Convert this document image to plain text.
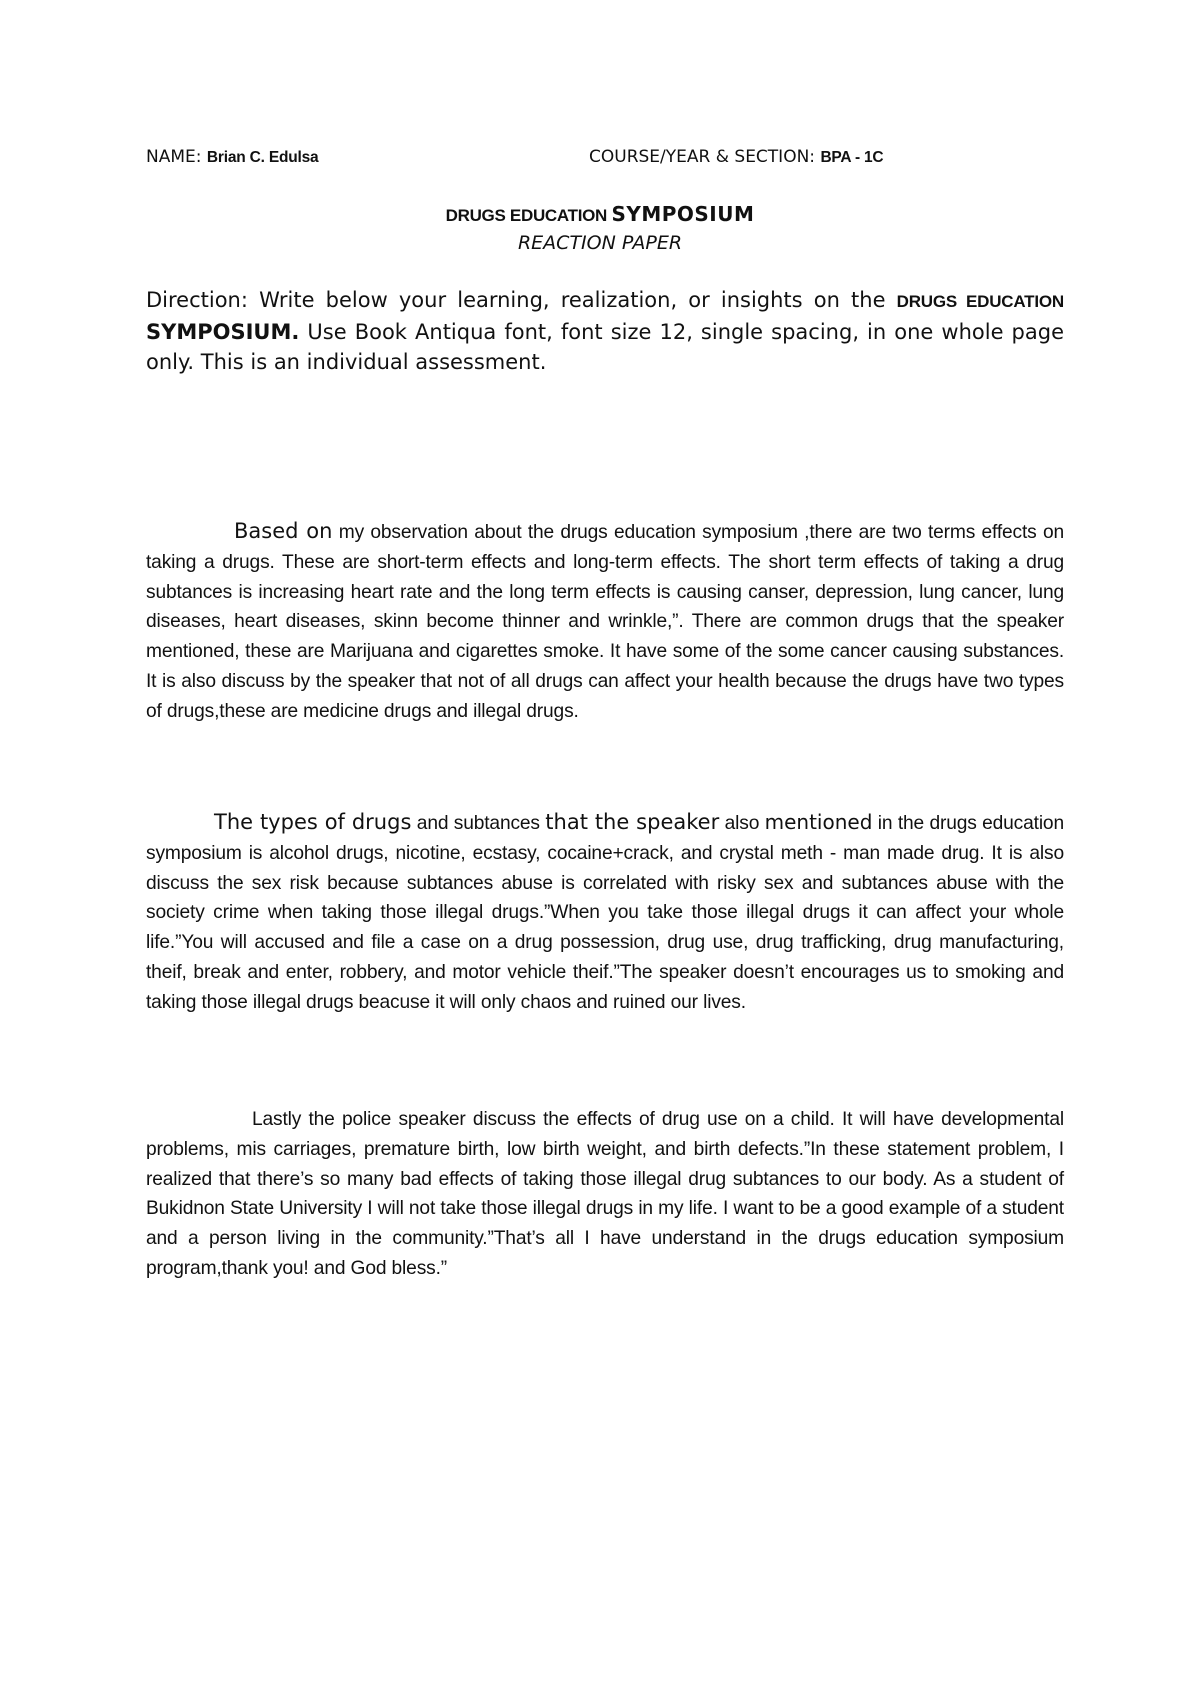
NAME: Brian C. Edulsa	COURSE/YEAR & SECTION: BPA - 1C
DRUGS EDUCATION SYMPOSIUM
REACTION PAPER
Direction: Write below your learning, realization, or insights on the DRUGS EDUCATION SYMPOSIUM. Use Book Antiqua font, font size 12, single spacing, in one whole page only. This is an individual assessment.
Based on my observation about the drugs education symposium ,there are two terms effects on taking a drugs. These are short-term effects and long-term effects. The short term effects of taking a drug subtances is increasing heart rate and the long term effects is causing canser, depression, lung cancer, lung diseases, heart diseases, skinn become thinner and wrinkle,”. There are common drugs that the speaker mentioned, these are Marijuana and cigarettes smoke. It have some of the some cancer causing substances. It is also discuss by the speaker that not of all drugs can affect your health because the drugs have two types of drugs,these are medicine drugs and illegal drugs.
The types of drugs and subtances that the speaker also mentioned in the drugs education symposium is alcohol drugs, nicotine, ecstasy, cocaine+crack, and crystal meth - man made drug. It is also discuss the sex risk because subtances abuse is correlated with risky sex and subtances abuse with the society crime when taking those illegal drugs.”When you take those illegal drugs it can affect your whole life.”You will accused and file a case on a drug possession, drug use, drug trafficking, drug manufacturing, theif, break and enter, robbery, and motor vehicle theif.”The speaker doesn’t encourages us to smoking and taking those illegal drugs beacuse it will only chaos and ruined our lives.
Lastly the police speaker discuss the effects of drug use on a child. It will have developmental problems, mis carriages, premature birth, low birth weight, and birth defects.”In these statement problem, I realized that there’s so many bad effects of taking those illegal drug subtances to our body. As a student of Bukidnon State University I will not take those illegal drugs in my life. I want to be a good example of a student and a person living in the community.”That’s all I have understand in the drugs education symposium program,thank you! and God bless.”
